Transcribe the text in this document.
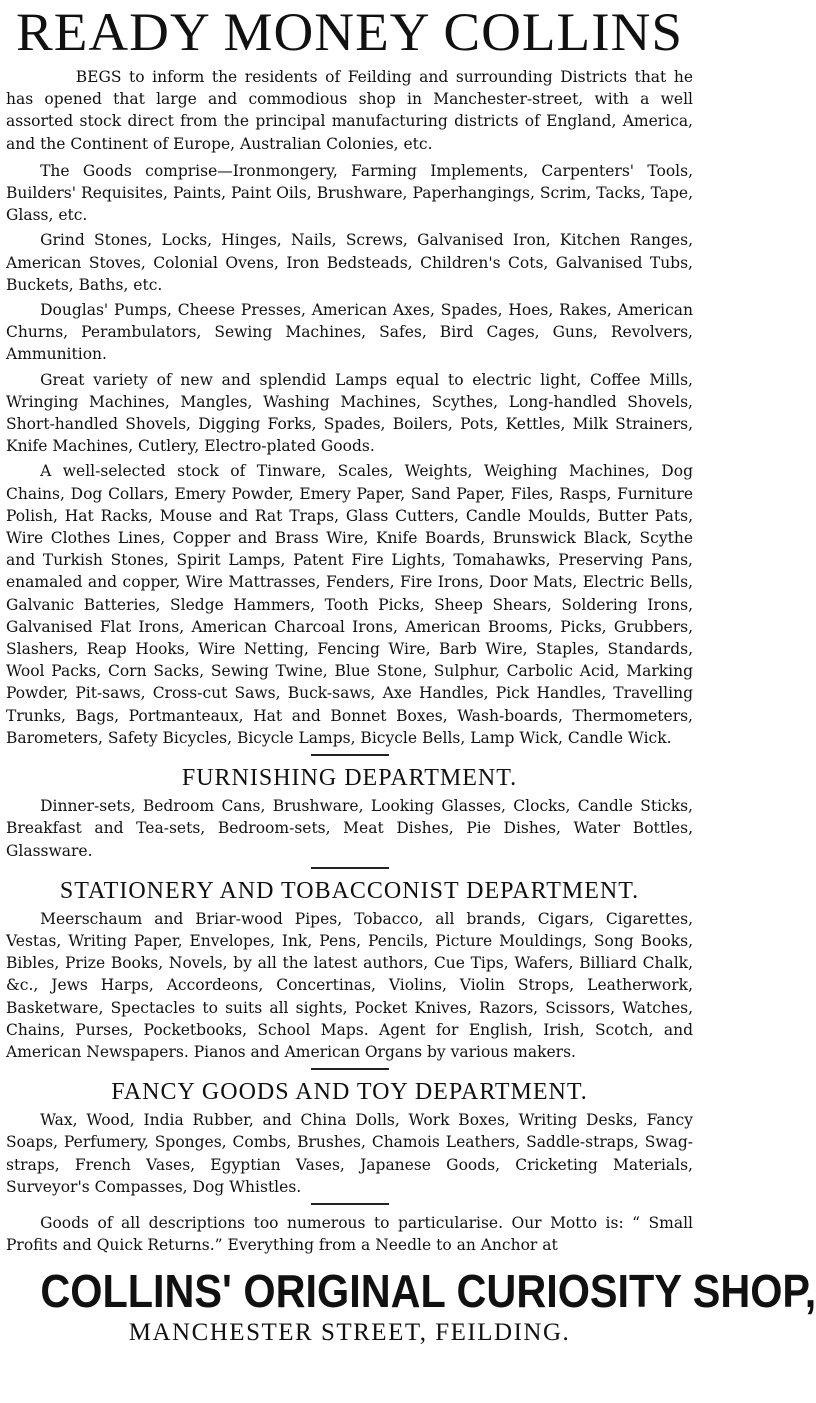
READY MONEY COLLINS

BEGS to inform the residents of Feilding and surrounding Districts that he has opened that large and commodious shop in Manchester-street, with a well assorted stock direct from the principal manufacturing districts of England, America, and the Continent of Europe, Australian Colonies, etc.

The Goods comprise—Ironmongery, Farming Implements, Carpenters' Tools, Builders' Requisites, Paints, Paint Oils, Brushware, Paperhangings, Scrim, Tacks, Tape, Glass, etc.

Grind Stones, Locks, Hinges, Nails, Screws, Galvanised Iron, Kitchen Ranges, American Stoves, Colonial Ovens, Iron Bedsteads, Children's Cots, Galvanised Tubs, Buckets, Baths, etc.

Douglas' Pumps, Cheese Presses, American Axes, Spades, Hoes, Rakes, American Churns, Perambulators, Sewing Machines, Safes, Bird Cages, Guns, Revolvers, Ammunition.

Great variety of new and splendid Lamps equal to electric light, Coffee Mills, Wringing Machines, Mangles, Washing Machines, Scythes, Long-handled Shovels, Short-handled Shovels, Digging Forks, Spades, Boilers, Pots, Kettles, Milk Strainers, Knife Machines, Cutlery, Electro-plated Goods.

A well-selected stock of Tinware, Scales, Weights, Weighing Machines, Dog Chains, Dog Collars, Emery Powder, Emery Paper, Sand Paper, Files, Rasps, Furniture Polish, Hat Racks, Mouse and Rat Traps, Glass Cutters, Candle Moulds, Butter Pats, Wire Clothes Lines, Copper and Brass Wire, Knife Boards, Brunswick Black, Scythe and Turkish Stones, Spirit Lamps, Patent Fire Lights, Tomahawks, Preserving Pans, enamaled and copper, Wire Mattrasses, Fenders, Fire Irons, Door Mats, Electric Bells, Galvanic Batteries, Sledge Hammers, Tooth Picks, Sheep Shears, Soldering Irons, Galvanised Flat Irons, American Charcoal Irons, American Brooms, Picks, Grubbers, Slashers, Reap Hooks, Wire Netting, Fencing Wire, Barb Wire, Staples, Standards, Wool Packs, Corn Sacks, Sewing Twine, Blue Stone, Sulphur, Carbolic Acid, Marking Powder, Pit-saws, Cross-cut Saws, Buck-saws, Axe Handles, Pick Handles, Travelling Trunks, Bags, Portmanteaux, Hat and Bonnet Boxes, Wash-boards, Thermometers, Barometers, Safety Bicycles, Bicycle Lamps, Bicycle Bells, Lamp Wick, Candle Wick.

FURNISHING DEPARTMENT.

Dinner-sets, Bedroom Cans, Brushware, Looking Glasses, Clocks, Candle Sticks, Breakfast and Tea-sets, Bedroom-sets, Meat Dishes, Pie Dishes, Water Bottles, Glassware.

STATIONERY AND TOBACCONIST DEPARTMENT.

Meerschaum and Briar-wood Pipes, Tobacco, all brands, Cigars, Cigarettes, Vestas, Writing Paper, Envelopes, Ink, Pens, Pencils, Picture Mouldings, Song Books, Bibles, Prize Books, Novels, by all the latest authors, Cue Tips, Wafers, Billiard Chalk, &c., Jews Harps, Accordeons, Concertinas, Violins, Violin Strops, Leatherwork, Basketware, Spectacles to suits all sights, Pocket Knives, Razors, Scissors, Watches, Chains, Purses, Pocketbooks, School Maps. Agent for English, Irish, Scotch, and American Newspapers. Pianos and American Organs by various makers.

FANCY GOODS AND TOY DEPARTMENT.

Wax, Wood, India Rubber, and China Dolls, Work Boxes, Writing Desks, Fancy Soaps, Perfumery, Sponges, Combs, Brushes, Chamois Leathers, Saddle-straps, Swag-straps, French Vases, Egyptian Vases, Japanese Goods, Cricketing Materials, Surveyor's Compasses, Dog Whistles.

Goods of all descriptions too numerous to particularise. Our Motto is: “ Small Profits and Quick Returns.” Everything from a Needle to an Anchor at

COLLINS' ORIGINAL CURIOSITY SHOP,
MANCHESTER STREET, FEILDING.
